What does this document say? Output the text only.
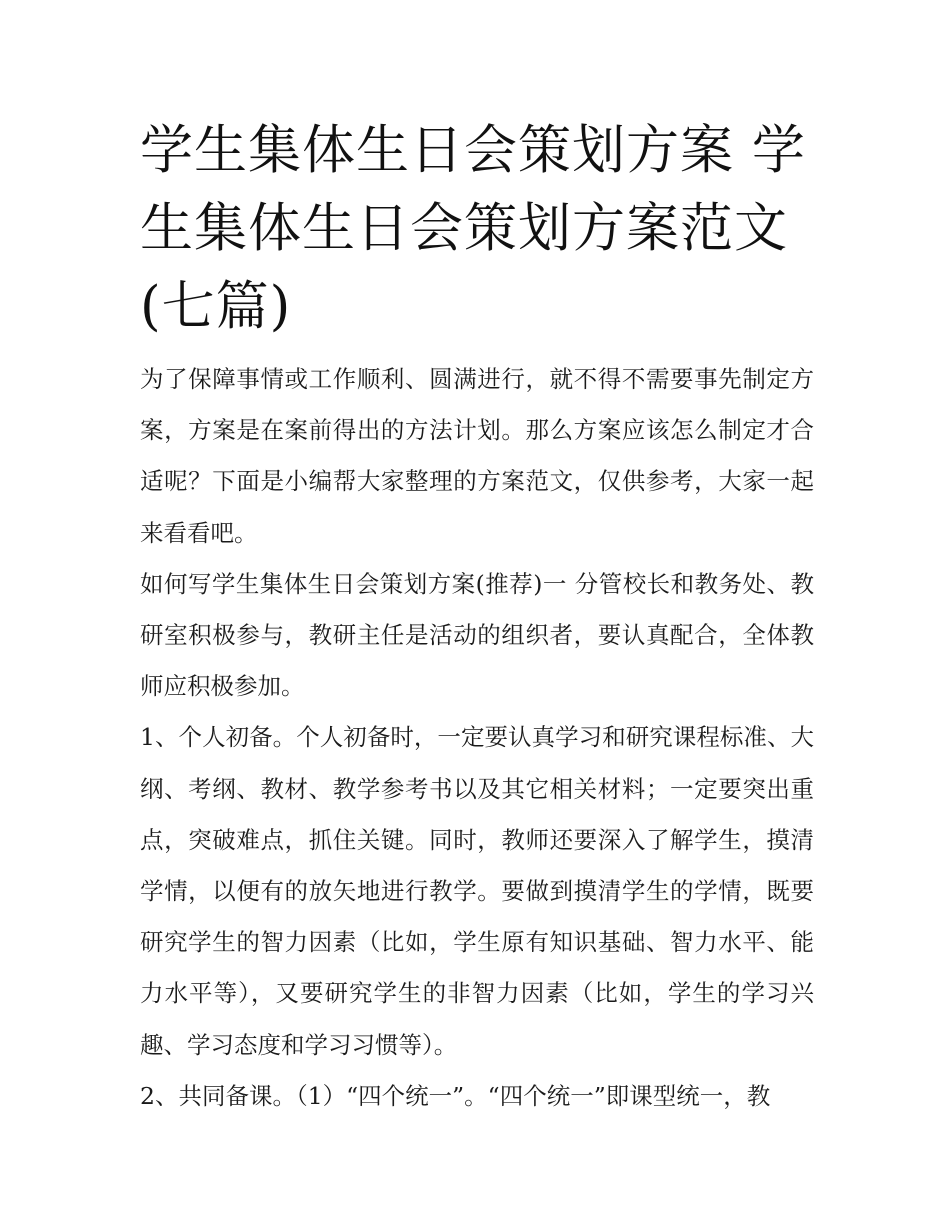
学生集体生日会策划方案 学生集体生日会策划方案范文(七篇)

为了保障事情或工作顺利、圆满进行，就不得不需要事先制定方案，方案是在案前得出的方法计划。那么方案应该怎么制定才合适呢？下面是小编帮大家整理的方案范文，仅供参考，大家一起来看看吧。

如何写学生集体生日会策划方案(推荐)一 分管校长和教务处、教研室积极参与，教研主任是活动的组织者，要认真配合，全体教师应积极参加。

1、个人初备。个人初备时，一定要认真学习和研究课程标准、大纲、考纲、教材、教学参考书以及其它相关材料；一定要突出重点，突破难点，抓住关键。同时，教师还要深入了解学生，摸清学情，以便有的放矢地进行教学。要做到摸清学生的学情，既要研究学生的智力因素（比如，学生原有知识基础、智力水平、能力水平等），又要研究学生的非智力因素（比如，学生的学习兴趣、学习态度和学习习惯等）。

2、共同备课。（1）“四个统一”。“四个统一”即课型统一，教
